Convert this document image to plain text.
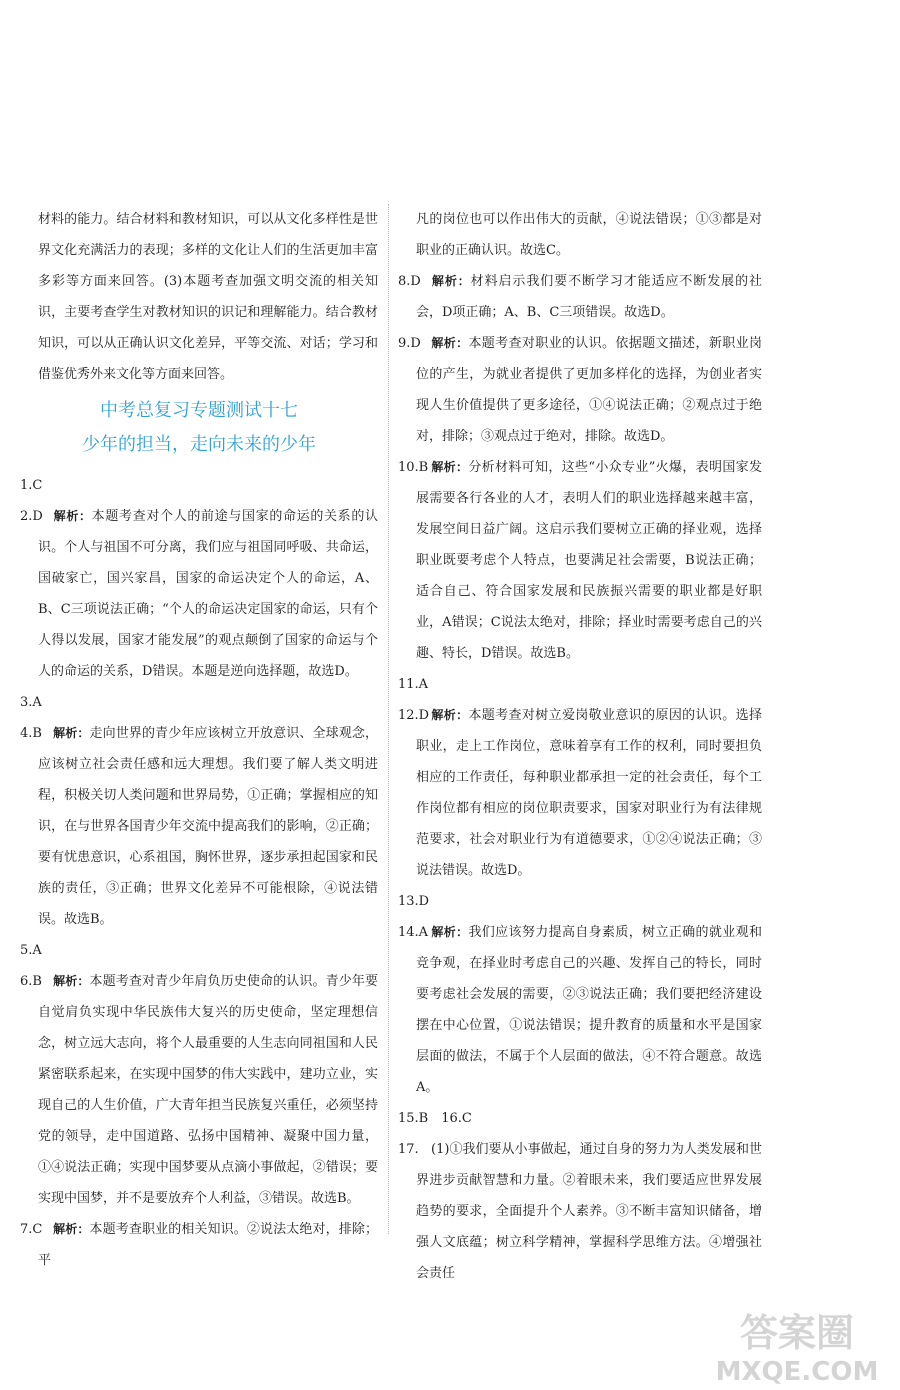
材料的能力。结合材料和教材知识，可以从文化多样性是世界文化充满活力的表现；多样的文化让人们的生活更加丰富多彩等方面来回答。(3)本题考查加强文明交流的相关知识，主要考查学生对教材知识的识记和理解能力。结合教材知识，可以从正确认识文化差异，平等交流、对话；学习和借鉴优秀外来文化等方面来回答。

中考总复习专题测试十七
少年的担当，走向未来的少年

1.C

2.D 解析：本题考查对个人的前途与国家的命运的关系的认识。个人与祖国不可分离，我们应与祖国同呼吸、共命运，国破家亡，国兴家昌，国家的命运决定个人的命运，A、B、C三项说法正确；“个人的命运决定国家的命运，只有个人得以发展，国家才能发展”的观点颠倒了国家的命运与个人的命运的关系，D错误。本题是逆向选择题，故选D。

3.A

4.B 解析：走向世界的青少年应该树立开放意识、全球观念，应该树立社会责任感和远大理想。我们要了解人类文明进程，积极关切人类问题和世界局势，①正确；掌握相应的知识，在与世界各国青少年交流中提高我们的影响，②正确；要有忧患意识，心系祖国，胸怀世界，逐步承担起国家和民族的责任，③正确；世界文化差异不可能根除，④说法错误。故选B。

5.A

6.B 解析：本题考查对青少年肩负历史使命的认识。青少年要自觉肩负实现中华民族伟大复兴的历史使命，坚定理想信念，树立远大志向，将个人最重要的人生志向同祖国和人民紧密联系起来，在实现中国梦的伟大实践中，建功立业，实现自己的人生价值，广大青年担当民族复兴重任，必须坚持党的领导，走中国道路、弘扬中国精神、凝聚中国力量，①④说法正确；实现中国梦要从点滴小事做起，②错误；要实现中国梦，并不是要放弃个人利益，③错误。故选B。

7.C 解析：本题考查职业的相关知识。②说法太绝对，排除；平

凡的岗位也可以作出伟大的贡献，④说法错误；①③都是对职业的正确认识。故选C。

8.D 解析：材料启示我们要不断学习才能适应不断发展的社会，D项正确；A、B、C三项错误。故选D。

9.D 解析：本题考查对职业的认识。依据题文描述，新职业岗位的产生，为就业者提供了更加多样化的选择，为创业者实现人生价值提供了更多途径，①④说法正确；②观点过于绝对，排除；③观点过于绝对，排除。故选D。

10.B 解析：分析材料可知，这些“小众专业”火爆，表明国家发展需要各行各业的人才，表明人们的职业选择越来越丰富，发展空间日益广阔。这启示我们要树立正确的择业观，选择职业既要考虑个人特点，也要满足社会需要，B说法正确；适合自己、符合国家发展和民族振兴需要的职业都是好职业，A错误；C说法太绝对，排除；择业时需要考虑自己的兴趣、特长，D错误。故选B。

11.A

12.D 解析：本题考查对树立爱岗敬业意识的原因的认识。选择职业，走上工作岗位，意味着享有工作的权利，同时要担负相应的工作责任，每种职业都承担一定的社会责任，每个工作岗位都有相应的岗位职责要求，国家对职业行为有法律规范要求，社会对职业行为有道德要求，①②④说法正确；③说法错误。故选D。

13.D

14.A 解析：我们应该努力提高自身素质，树立正确的就业观和竞争观，在择业时考虑自己的兴趣、发挥自己的特长，同时要考虑社会发展的需要，②③说法正确；我们要把经济建设摆在中心位置，①说法错误；提升教育的质量和水平是国家层面的做法，不属于个人层面的做法，④不符合题意。故选A。

15.B　16.C

17. (1)①我们要从小事做起，通过自身的努力为人类发展和世界进步贡献智慧和力量。②着眼未来，我们要适应世界发展趋势的要求，全面提升个人素养。③不断丰富知识储备，增强人文底蕴；树立科学精神，掌握科学思维方法。④增强社会责任

答案圈
MXQE.COM
